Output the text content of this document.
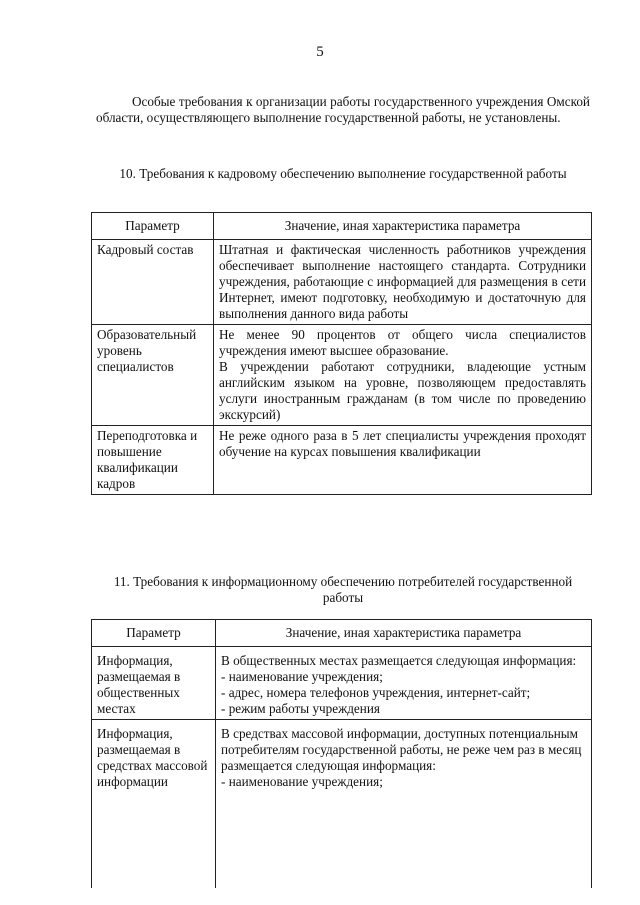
5

Особые требования к организации работы государственного учреждения Омской области, осуществляющего выполнение государственной работы, не установлены.

10. Требования к кадровому обеспечению выполнение государственной работы
Параметр	Значение, иная характеристика параметра
Кадровый состав	Штатная и фактическая численность работников учреждения обеспечивает выполнение настоящего стандарта. Сотрудники учреждения, работающие с информацией для размещения в сети Интернет, имеют подготовку, необходимую и достаточную для выполнения данного вида работы
Образовательный уровень специалистов	Не менее 90 процентов от общего числа специалистов учреждения имеют высшее образование.
В учреждении работают сотрудники, владеющие устным английским языком на уровне, позволяющем предоставлять услуги иностранным гражданам (в том числе по проведению экскурсий)

Переподготовка и повышение квалификации кадров	Не реже одного раза в 5 лет специалисты учреждения проходят обучение на курсах повышения квалификации
11. Требования к информационному обеспечению потребителей государственной работы
Параметр	Значение, иная характеристика параметра
Информация, размещаемая в общественных местах	В общественных местах размещается следующая информация:
- наименование учреждения;
- адрес, номера телефонов учреждения, интернет-сайт;
- режим работы учреждения

Информация, размещаемая в средствах массовой информации	В средствах массовой информации, доступных потенциальным потребителям государственной работы, не реже чем раз в месяц размещается следующая информация:
- наименование учреждения;
